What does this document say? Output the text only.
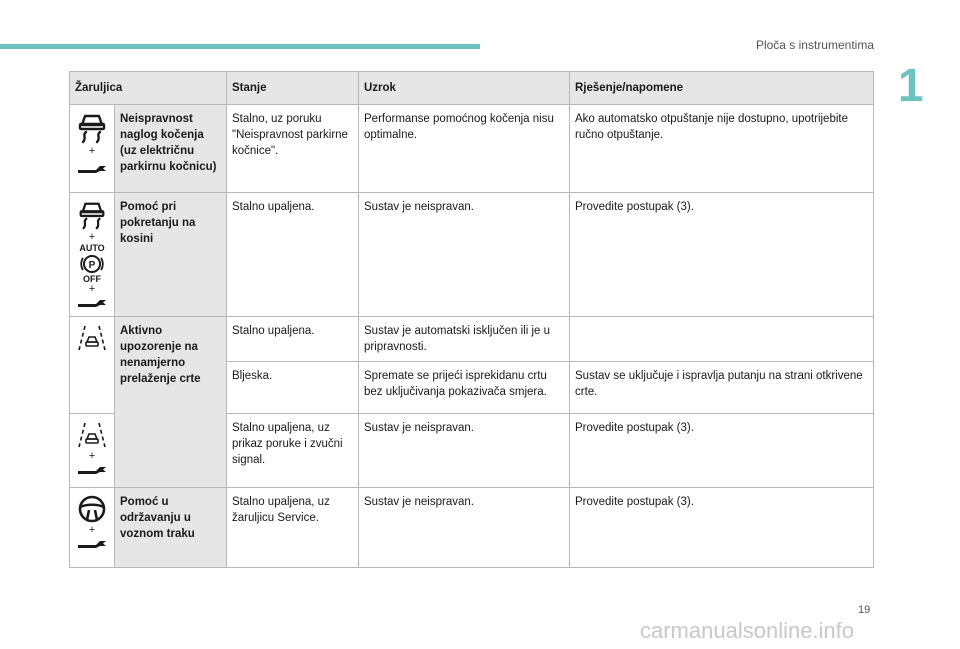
Ploča s instrumentima
1
19
carmanualsonline.info
Žaruljica		Stanje	Uzrok	Rješenje/napomene

+	Neispravnost naglog kočenja (uz električnu parkirnu kočnicu)	Stalno, uz poruku "Neispravnost parkirne kočnice".	Performanse pomoćnog kočenja nisu optimalne.	Ako automatsko otpuštanje nije dostupno, upotrijebite ručno otpuštanje.

+
AUTO
P
OFF
+	Pomoć pri pokretanju na kosini	Stalno upaljena.	Sustav je neispravan.	Provedite postupak (3).

	Aktivno upozorenje na nenamjerno prelaženje crte	Stalno upaljena.	Sustav je automatski isključen ili je u pripravnosti.	
		Bljeska.	Spremate se prijeći isprekidanu crtu bez uključivanja pokazivača smjera.	Sustav se uključuje i ispravlja putanju na strani otkrivene crte.

+		Stalno upaljena, uz prikaz poruke i zvučni signal.	Sustav je neispravan.	Provedite postupak (3).

+	Pomoć u održavanju u voznom traku	Stalno upaljena, uz žaruljicu Service.	Sustav je neispravan.	Provedite postupak (3).
